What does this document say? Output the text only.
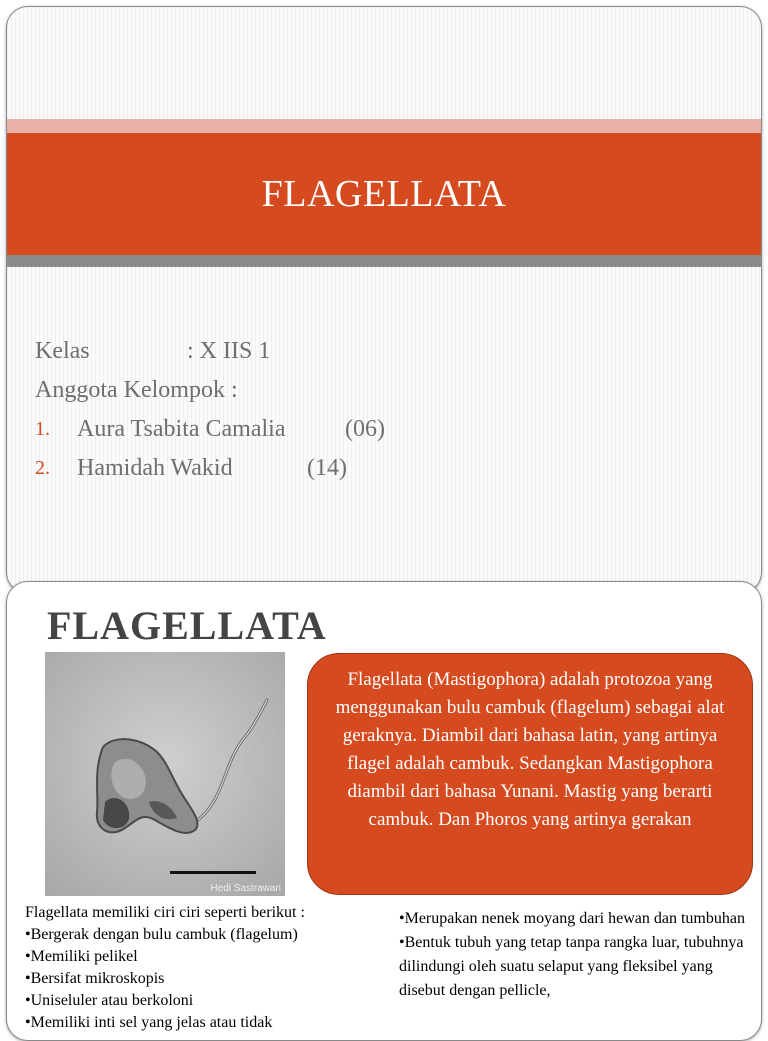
FLAGELLATA
Kelas	: X IIS 1
Anggota Kelompok :
1. Aura Tsabita Camalia (06)
2. Hamidah Wakid	(14)
FLAGELLATA
Hedi Sastrawan
Flagellata (Mastigophora) adalah protozoa yang menggunakan bulu cambuk (flagelum) sebagai alat geraknya. Diambil dari bahasa latin, yang artinya flagel adalah cambuk. Sedangkan Mastigophora diambil dari bahasa Yunani. Mastig yang berarti cambuk. Dan Phoros yang artinya gerakan
Flagellata memiliki ciri ciri seperti berikut :
•Bergerak dengan bulu cambuk (flagelum)
•Memiliki pelikel
•Bersifat mikroskopis
•Uniseluler atau berkoloni
•Memiliki inti sel yang jelas atau tidak
•Merupakan nenek moyang dari hewan dan tumbuhan
•Bentuk tubuh yang tetap tanpa rangka luar, tubuhnya dilindungi oleh suatu selaput yang fleksibel yang disebut dengan pellicle,
